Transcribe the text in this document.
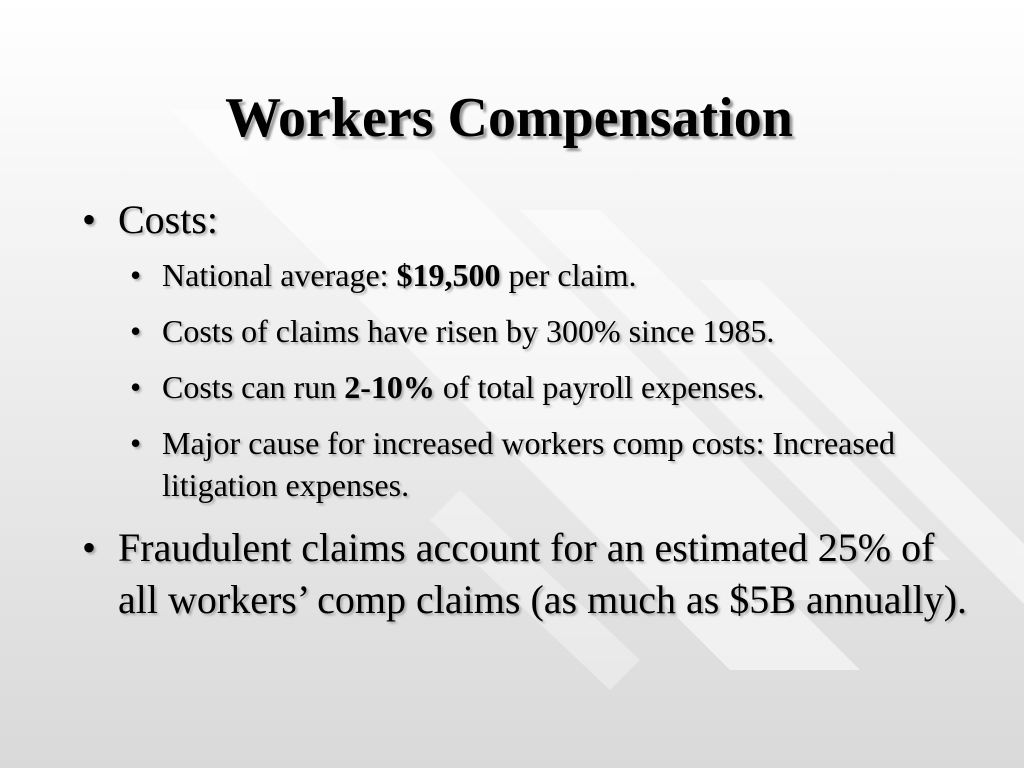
Workers Compensation
• Costs:
• National average: $19,500 per claim.
• Costs of claims have risen by 300% since 1985.
• Costs can run 2-10% of total payroll expenses.
• Major cause for increased workers comp costs: Increased litigation expenses.
• Fraudulent claims account for an estimated 25% of all workers’ comp claims (as much as $5B annually).
